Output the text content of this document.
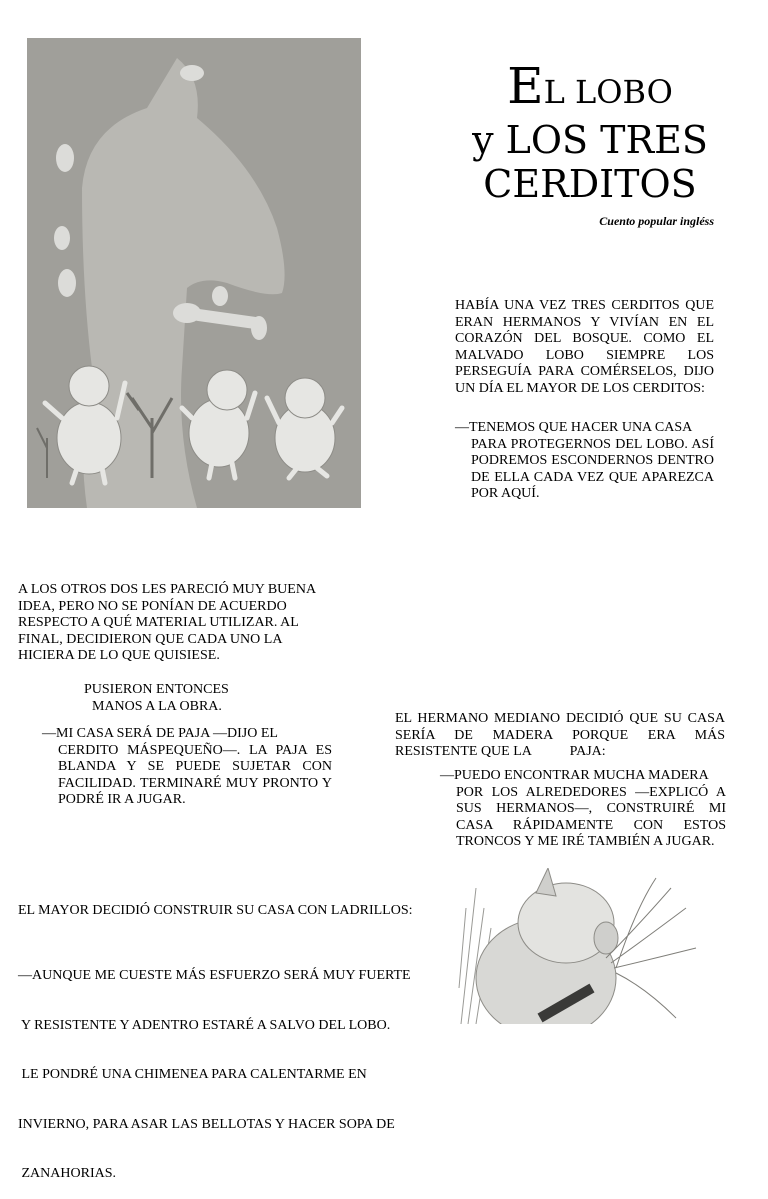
EL LOBO
y LOS TRES
CERDITOS
Cuento popular ingléss
HABÍA UNA VEZ TRES CERDITOS QUE ERAN HERMANOS Y VIVÍAN EN EL CORAZÓN DEL BOSQUE. COMO EL MALVADO LOBO SIEMPRE LOS PERSEGUÍA PARA COMÉRSELOS, DIJO UN DÍA EL MAYOR DE LOS CERDITOS:
—TENEMOS QUE HACER UNA CASA
PARA PROTEGERNOS DEL LOBO. ASÍ PODREMOS ESCONDERNOS DENTRO DE ELLA CADA VEZ QUE APAREZCA POR AQUÍ.
A LOS OTROS DOS LES PARECIÓ MUY BUENA IDEA, PERO NO SE PONÍAN DE ACUERDO RESPECTO A QUÉ MATERIAL UTILIZAR. AL FINAL, DECIDIERON QUE CADA UNO LA HICIERA DE LO QUE QUISIESE.
PUSIERON ENTONCES
MANOS A LA OBRA.
—MI CASA SERÁ DE PAJA —DIJO EL
CERDITO MÁSPEQUEÑO—. LA PAJA ES BLANDA Y SE PUEDE SUJETAR CON FACILIDAD. TERMINARÉ MUY PRONTO Y PODRÉ IR A JUGAR.
EL HERMANO MEDIANO DECIDIÓ QUE SU CASA SERÍA DE MADERA PORQUE ERA MÁS RESISTENTE QUE LA           PAJA:
—PUEDO ENCONTRAR MUCHA MADERA
POR LOS ALREDEDORES —EXPLICÓ A SUS HERMANOS—, CONSTRUIRÉ MI CASA RÁPIDAMENTE CON ESTOS TRONCOS Y ME IRÉ TAMBIÉN A JUGAR.
EL MAYOR DECIDIÓ CONSTRUIR SU CASA CON LADRILLOS:

—AUNQUE ME CUESTE MÁS ESFUERZO SERÁ MUY FUERTE

Y RESISTENTE Y ADENTRO ESTARÉ A SALVO DEL LOBO.

LE PONDRÉ UNA CHIMENEA PARA CALENTARME EN

INVIERNO, PARA ASAR LAS BELLOTAS Y HACER SOPA DE

ZANAHORIAS.
